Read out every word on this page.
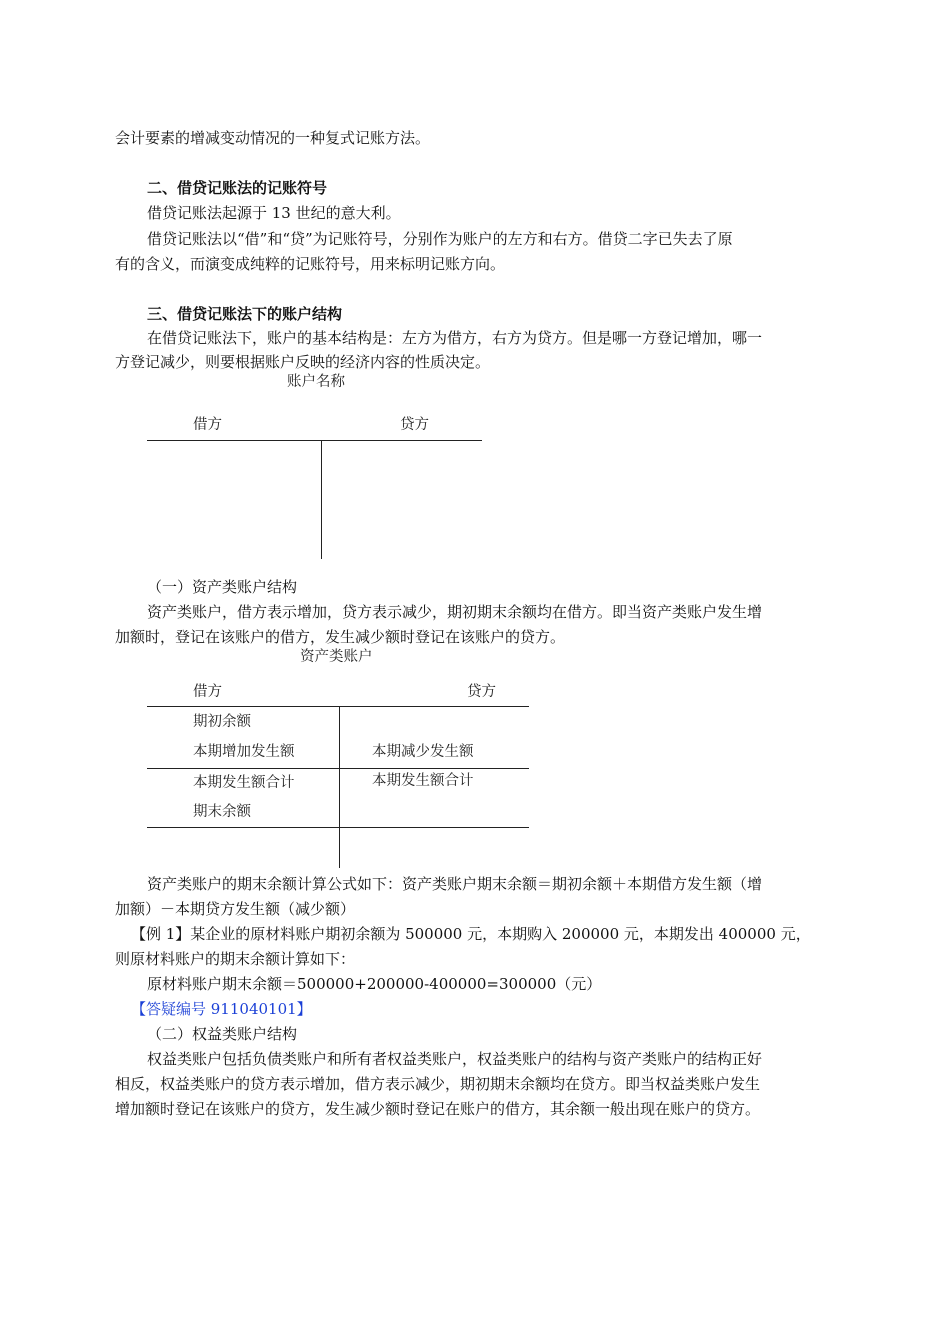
会计要素的增减变动情况的一种复式记账方法。
二、借贷记账法的记账符号
借贷记账法起源于 13 世纪的意大利。
借贷记账法以“借”和“贷”为记账符号，分别作为账户的左方和右方。借贷二字已失去了原
有的含义，而演变成纯粹的记账符号，用来标明记账方向。
三、借贷记账法下的账户结构
在借贷记账法下，账户的基本结构是：左方为借方，右方为贷方。但是哪一方登记增加，哪一
方登记减少，则要根据账户反映的经济内容的性质决定。
账户名称
借方	贷方
（一）资产类账户结构
资产类账户，借方表示增加，贷方表示减少，期初期末余额均在借方。即当资产类账户发生增
加额时，登记在该账户的借方，发生减少额时登记在该账户的贷方。
资产类账户
借方	贷方
期初余额
本期增加发生额	本期减少发生额
本期发生额合计	本期发生额合计
期末余额
资产类账户的期末余额计算公式如下：资产类账户期末余额＝期初余额＋本期借方发生额（增
加额）－本期贷方发生额（减少额）
【例 1】某企业的原材料账户期初余额为 500000 元，本期购入 200000 元，本期发出 400000 元，
则原材料账户的期末余额计算如下：
原材料账户期末余额＝500000+200000-400000=300000（元）
【答疑编号 911040101】
（二）权益类账户结构
权益类账户包括负债类账户和所有者权益类账户，权益类账户的结构与资产类账户的结构正好
相反，权益类账户的贷方表示增加，借方表示减少，期初期末余额均在贷方。即当权益类账户发生
增加额时登记在该账户的贷方，发生减少额时登记在账户的借方，其余额一般出现在账户的贷方。
